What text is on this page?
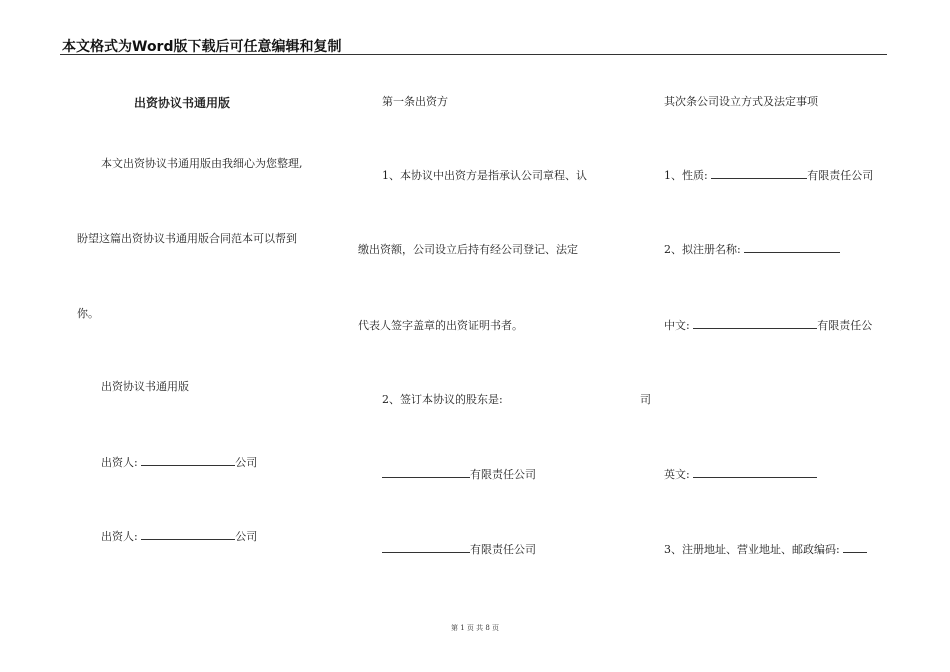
本文格式为Word版下载后可任意编辑和复制
出资协议书通用版
本文出资协议书通用版由我细心为您整理,
盼望这篇出资协议书通用版合同范本可以帮到
你。
出资协议书通用版
出资人:	公司
出资人:	公司
第一条出资方
1、本协议中出资方是指承认公司章程、认
缴出资额，公司设立后持有经公司登记、法定
代表人签字盖章的出资证明书者。
2、签订本协议的股东是:
有限责任公司
有限责任公司
其次条公司设立方式及法定事项
1、性质:	有限责任公司
2、拟注册名称:
中文:	有限责任公
司
英文:
3、注册地址、营业地址、邮政编码:
第 1 页 共 8 页
